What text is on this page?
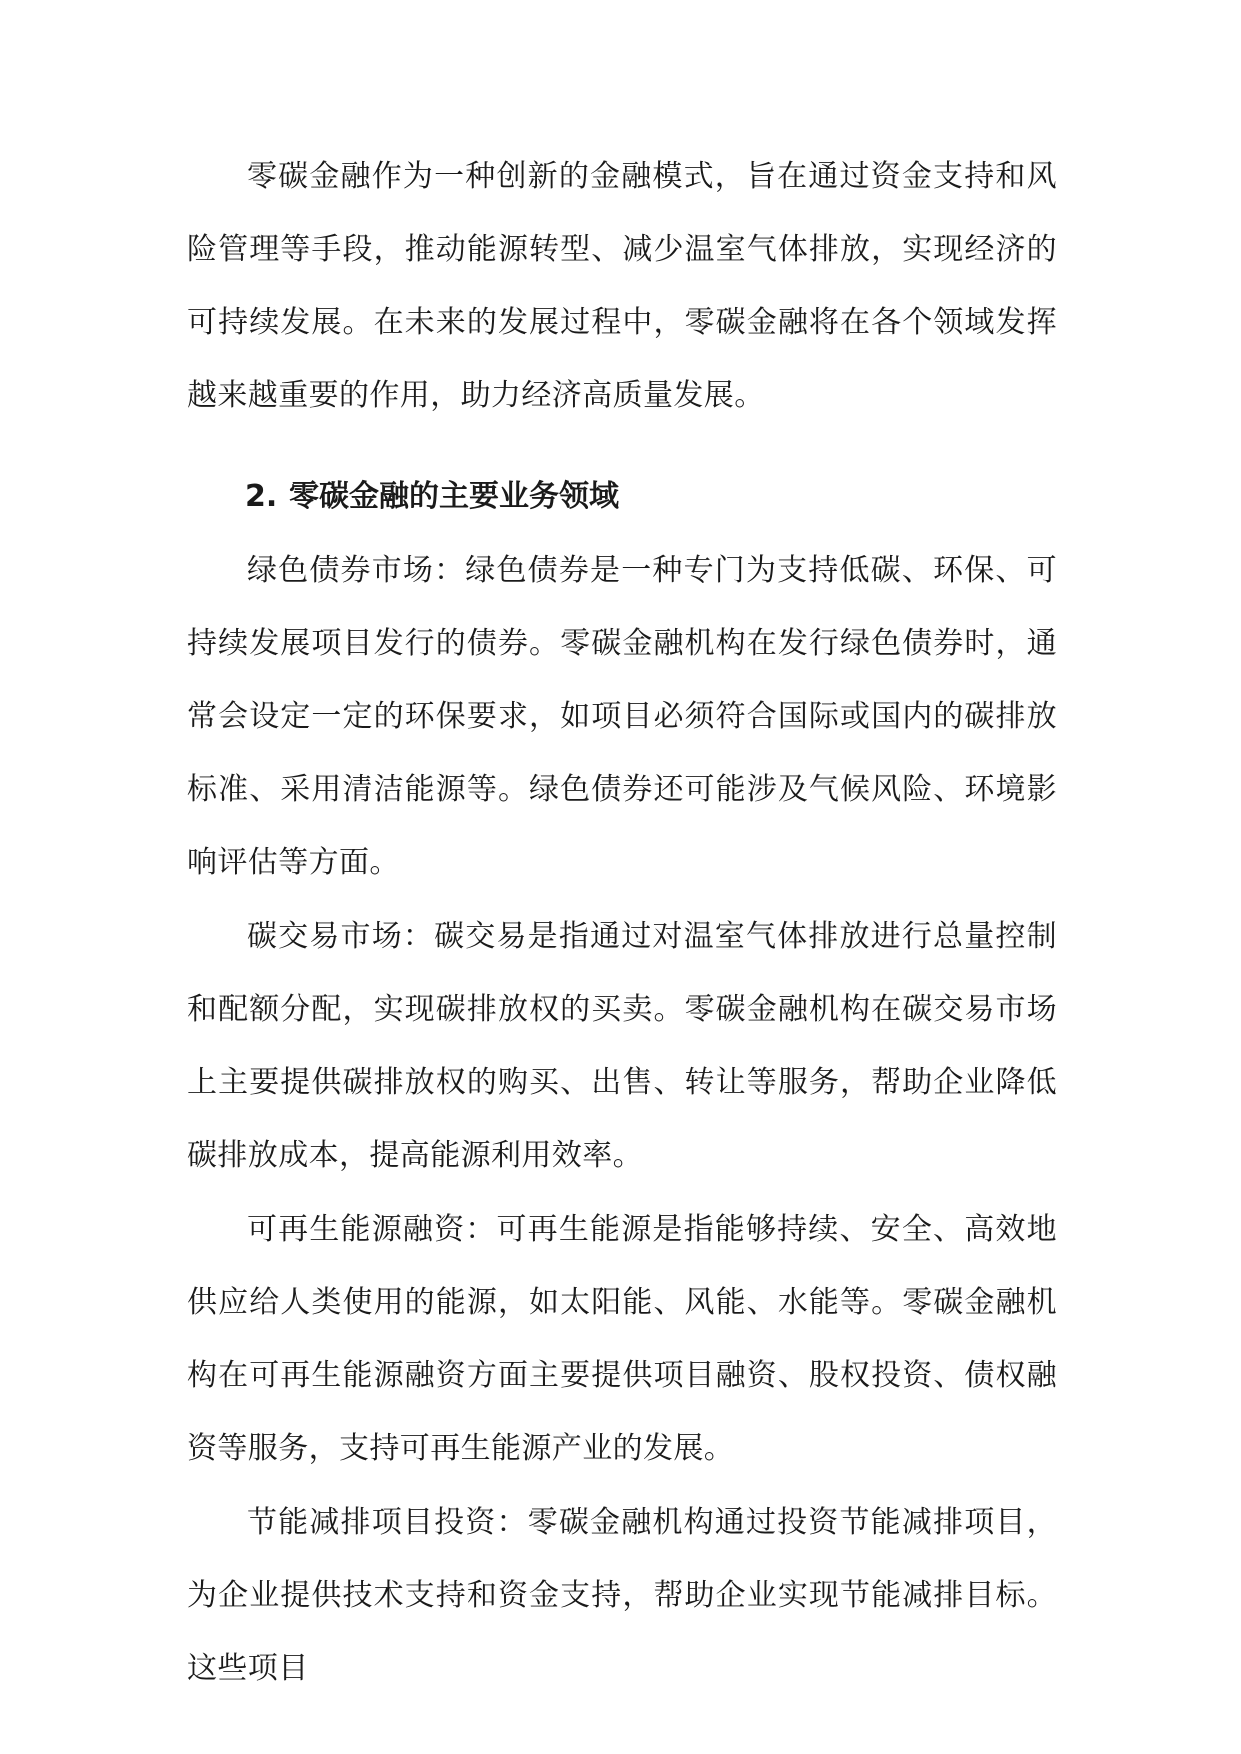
零碳金融作为一种创新的金融模式，旨在通过资金支持和风险管理等手段，推动能源转型、减少温室气体排放，实现经济的可持续发展。在未来的发展过程中，零碳金融将在各个领域发挥越来越重要的作用，助力经济高质量发展。

2. 零碳金融的主要业务领域

绿色债券市场：绿色债券是一种专门为支持低碳、环保、可持续发展项目发行的债券。零碳金融机构在发行绿色债券时，通常会设定一定的环保要求，如项目必须符合国际或国内的碳排放标准、采用清洁能源等。绿色债券还可能涉及气候风险、环境影响评估等方面。

碳交易市场：碳交易是指通过对温室气体排放进行总量控制和配额分配，实现碳排放权的买卖。零碳金融机构在碳交易市场上主要提供碳排放权的购买、出售、转让等服务，帮助企业降低碳排放成本，提高能源利用效率。

可再生能源融资：可再生能源是指能够持续、安全、高效地供应给人类使用的能源，如太阳能、风能、水能等。零碳金融机构在可再生能源融资方面主要提供项目融资、股权投资、债权融资等服务，支持可再生能源产业的发展。

节能减排项目投资：零碳金融机构通过投资节能减排项目，为企业提供技术支持和资金支持，帮助企业实现节能减排目标。这些项目
